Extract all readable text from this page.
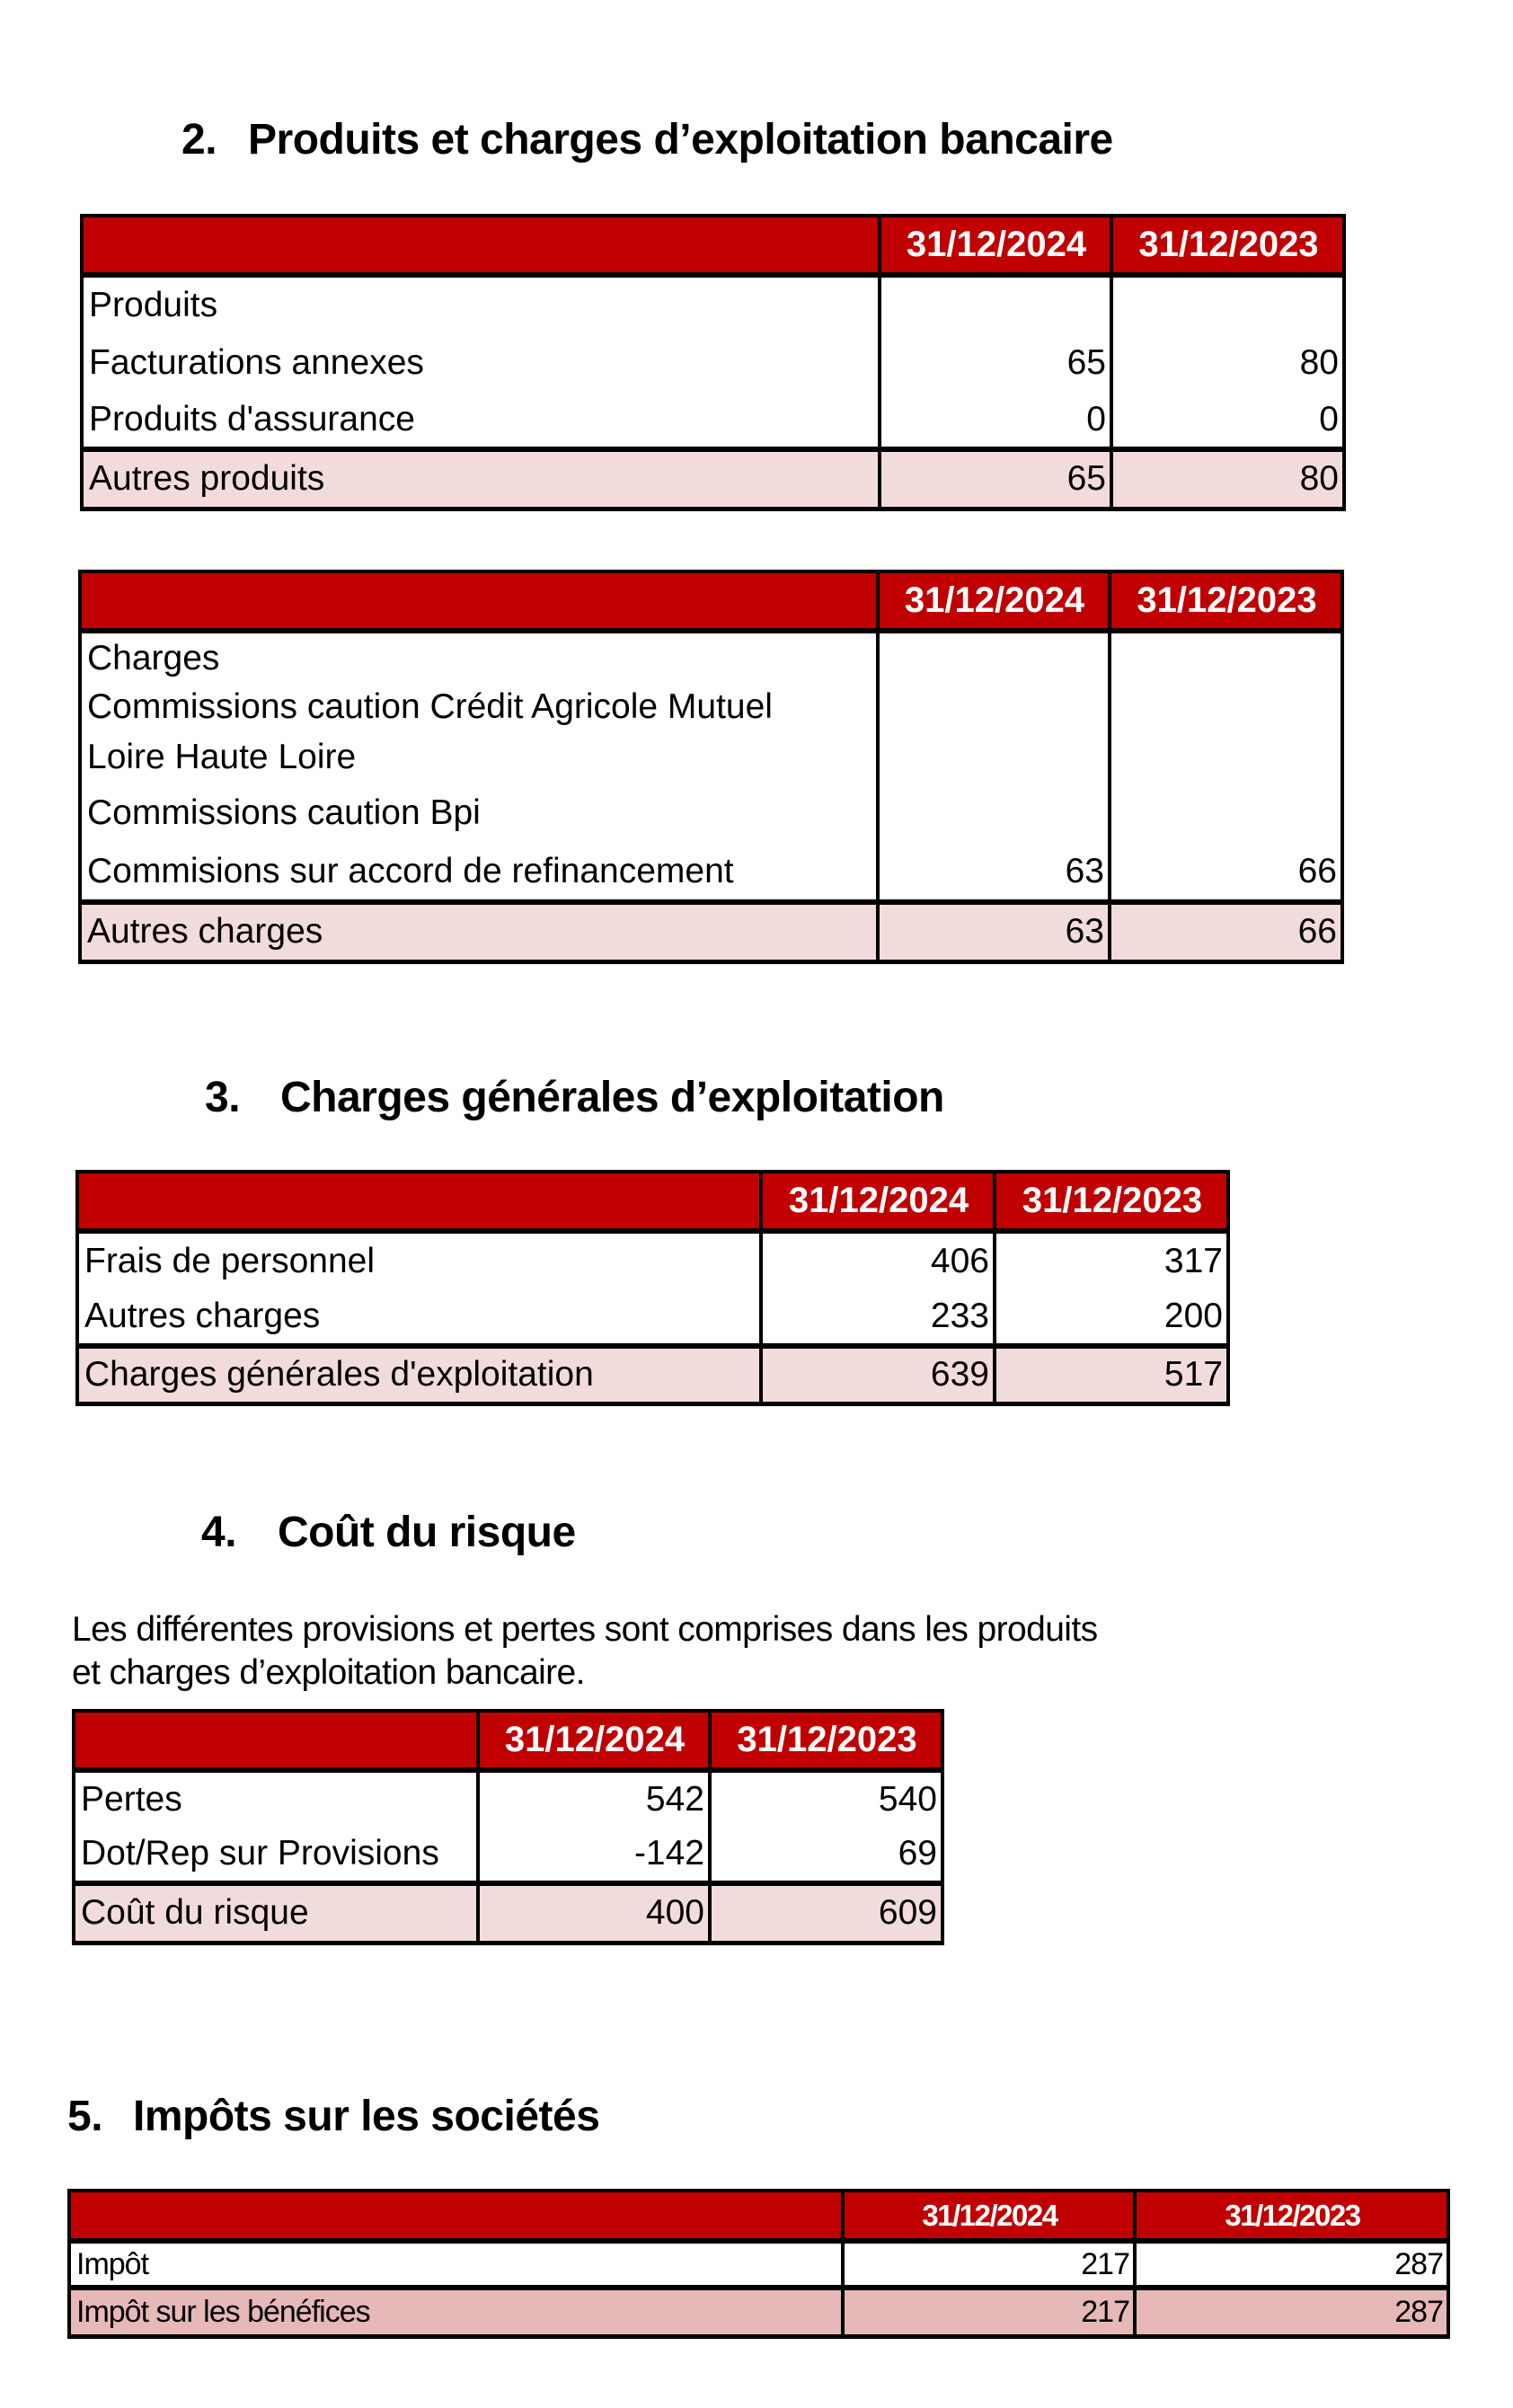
2. Produits et charges d’exploitation bancaire
	31/12/2024	31/12/2023
Produits		
Facturations annexes	65	80
Produits d'assurance	0	0
Autres produits	65	80
	31/12/2024	31/12/2023
Charges		
Commissions caution Crédit Agricole Mutuel		
Loire Haute Loire		
Commissions caution Bpi		
Commisions sur accord de refinancement	63	66
Autres charges	63	66
3. Charges générales d’exploitation
	31/12/2024	31/12/2023
Frais de personnel	406	317
Autres charges	233	200
Charges générales d'exploitation	639	517
4. Coût du risque
Les différentes provisions et pertes sont comprises dans les produits
et charges d’exploitation bancaire.
	31/12/2024	31/12/2023
Pertes	542	540
Dot/Rep sur Provisions	-142	69
Coût du risque	400	609
5. Impôts sur les sociétés
	31/12/2024	31/12/2023
Impôt	217	287
Impôt sur les bénéfices	217	287
